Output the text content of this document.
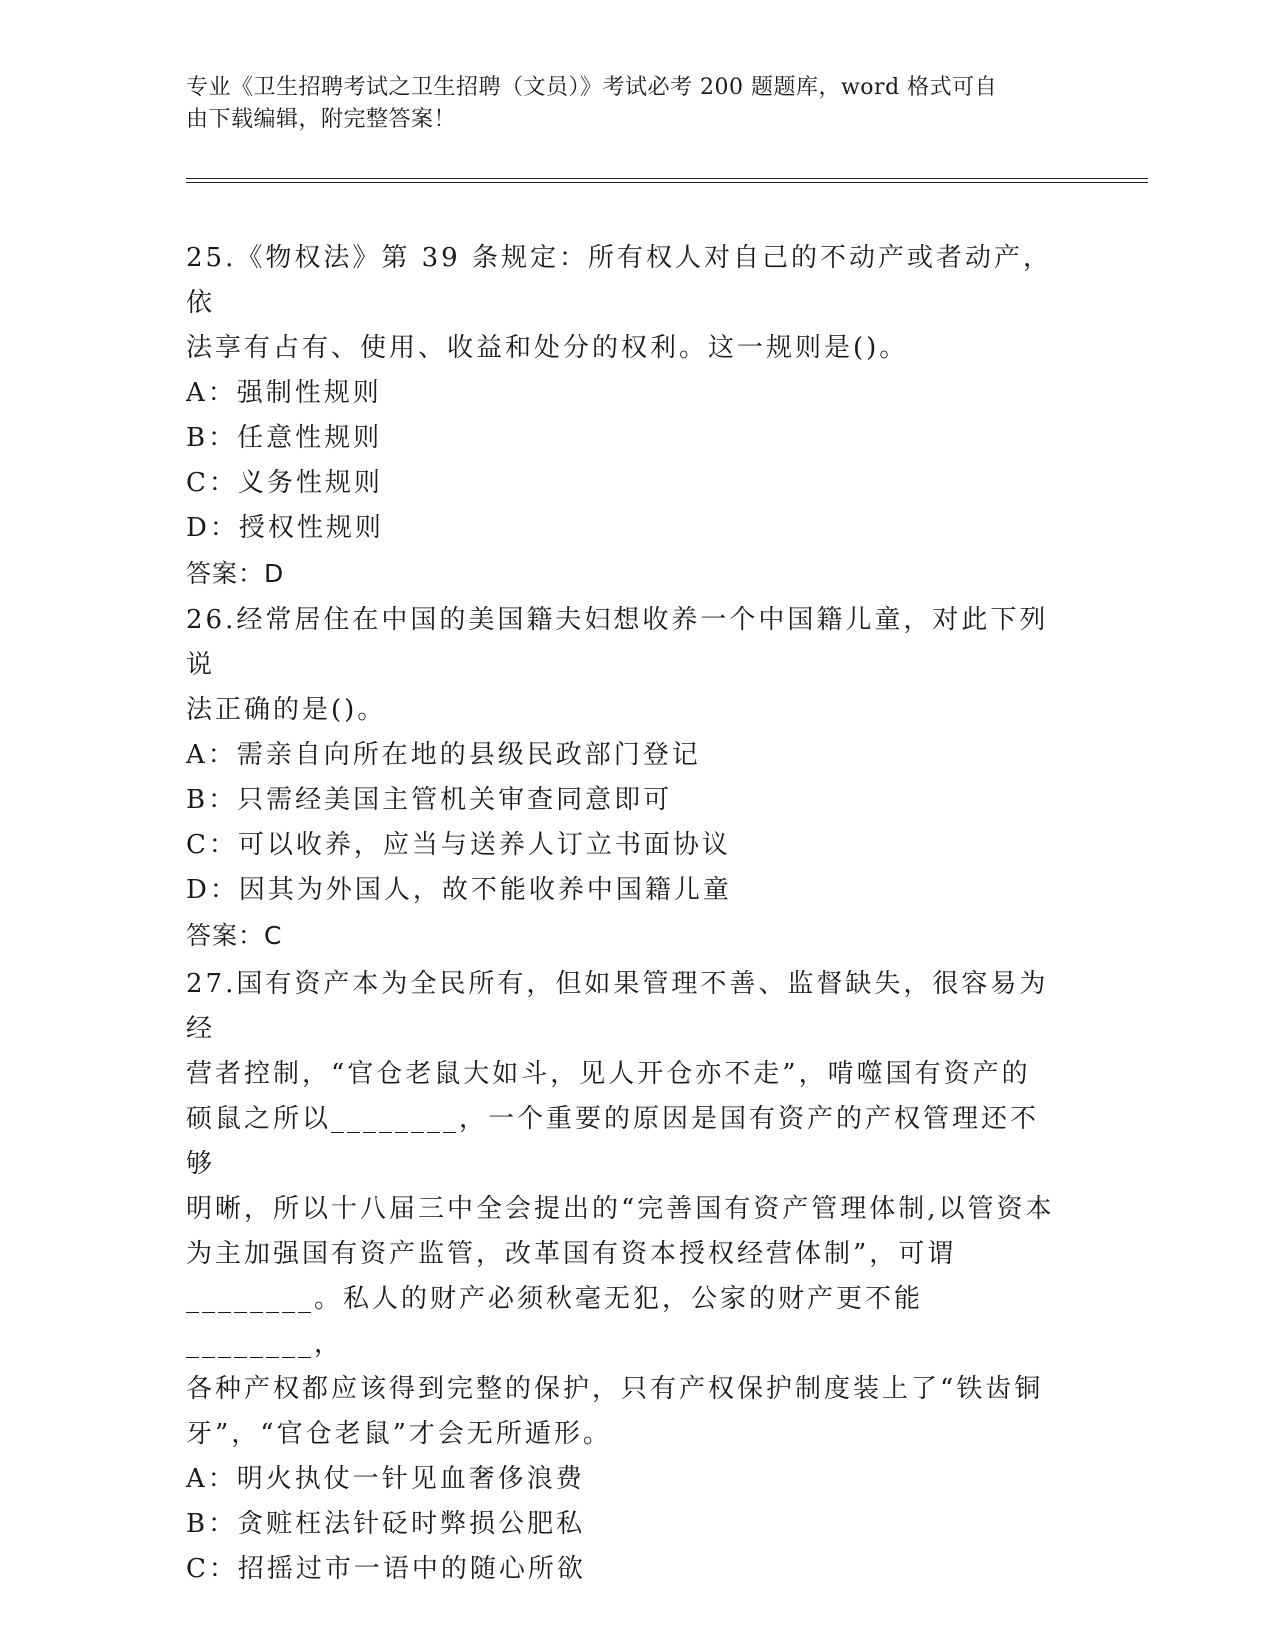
专业《卫生招聘考试之卫生招聘（文员）》考试必考 200 题题库，word 格式可自

由下载编辑，附完整答案！

25.《物权法》第 39 条规定：所有权人对自己的不动产或者动产，依

法享有占有、使用、收益和处分的权利。这一规则是()。

A：强制性规则

B：任意性规则

C：义务性规则

D：授权性规则

答案：D

26.经常居住在中国的美国籍夫妇想收养一个中国籍儿童，对此下列说

法正确的是()。

A：需亲自向所在地的县级民政部门登记

B：只需经美国主管机关审查同意即可

C：可以收养，应当与送养人订立书面协议

D：因其为外国人，故不能收养中国籍儿童

答案：C

27.国有资产本为全民所有，但如果管理不善、监督缺失，很容易为经

营者控制，“官仓老鼠大如斗，见人开仓亦不走”，啃噬国有资产的

硕鼠之所以________，一个重要的原因是国有资产的产权管理还不够

明晰，所以十八届三中全会提出的“完善国有资产管理体制,以管资本

为主加强国有资产监管，改革国有资本授权经营体制”，可谓

________。私人的财产必须秋毫无犯，公家的财产更不能________，

各种产权都应该得到完整的保护，只有产权保护制度装上了“铁齿铜

牙”，“官仓老鼠”才会无所遁形。

A：明火执仗一针见血奢侈浪费

B：贪赃枉法针砭时弊损公肥私

C：招摇过市一语中的随心所欲
